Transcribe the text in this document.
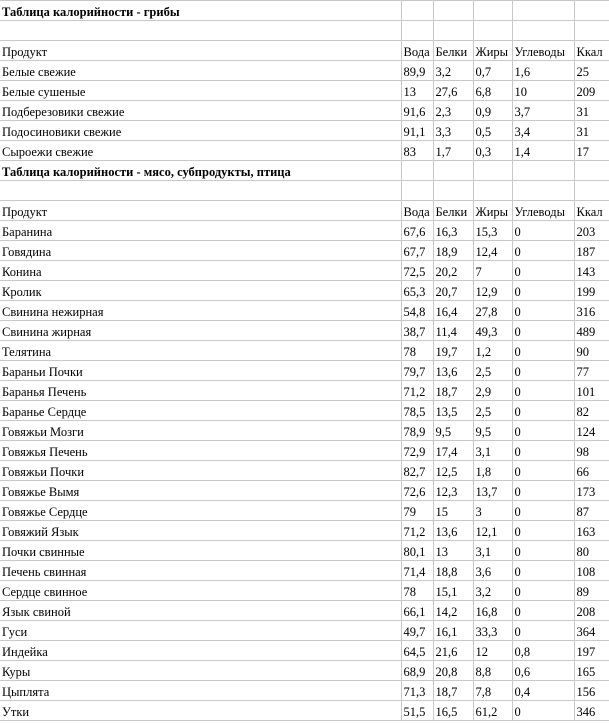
Таблица калорийности - грибы					

Продукт	Вода	Белки	Жиры	Углеводы	Ккал
Белые свежие	89,9	3,2	0,7	1,6	25
Белые сушеные	13	27,6	6,8	10	209
Подберезовики свежие	91,6	2,3	0,9	3,7	31
Подосиновики свежие	91,1	3,3	0,5	3,4	31
Сыроежи свежие	83	1,7	0,3	1,4	17
Таблица калорийности - мясо, субпродукты, птица					

Продукт	Вода	Белки	Жиры	Углеводы	Ккал
Баранина	67,6	16,3	15,3	0	203
Говядина	67,7	18,9	12,4	0	187
Конина	72,5	20,2	7	0	143
Кролик	65,3	20,7	12,9	0	199
Свинина нежирная	54,8	16,4	27,8	0	316
Свинина жирная	38,7	11,4	49,3	0	489
Телятина	78	19,7	1,2	0	90
Бараньи Почки	79,7	13,6	2,5	0	77
Баранья Печень	71,2	18,7	2,9	0	101
Баранье Сердце	78,5	13,5	2,5	0	82
Говяжьи Мозги	78,9	9,5	9,5	0	124
Говяжья Печень	72,9	17,4	3,1	0	98
Говяжьи Почки	82,7	12,5	1,8	0	66
Говяжье Вымя	72,6	12,3	13,7	0	173
Говяжье Сердце	79	15	3	0	87
Говяжий Язык	71,2	13,6	12,1	0	163
Почки свинные	80,1	13	3,1	0	80
Печень свинная	71,4	18,8	3,6	0	108
Сердце свинное	78	15,1	3,2	0	89
Язык свиной	66,1	14,2	16,8	0	208
Гуси	49,7	16,1	33,3	0	364
Индейка	64,5	21,6	12	0,8	197
Куры	68,9	20,8	8,8	0,6	165
Цыплята	71,3	18,7	7,8	0,4	156
Утки	51,5	16,5	61,2	0	346
